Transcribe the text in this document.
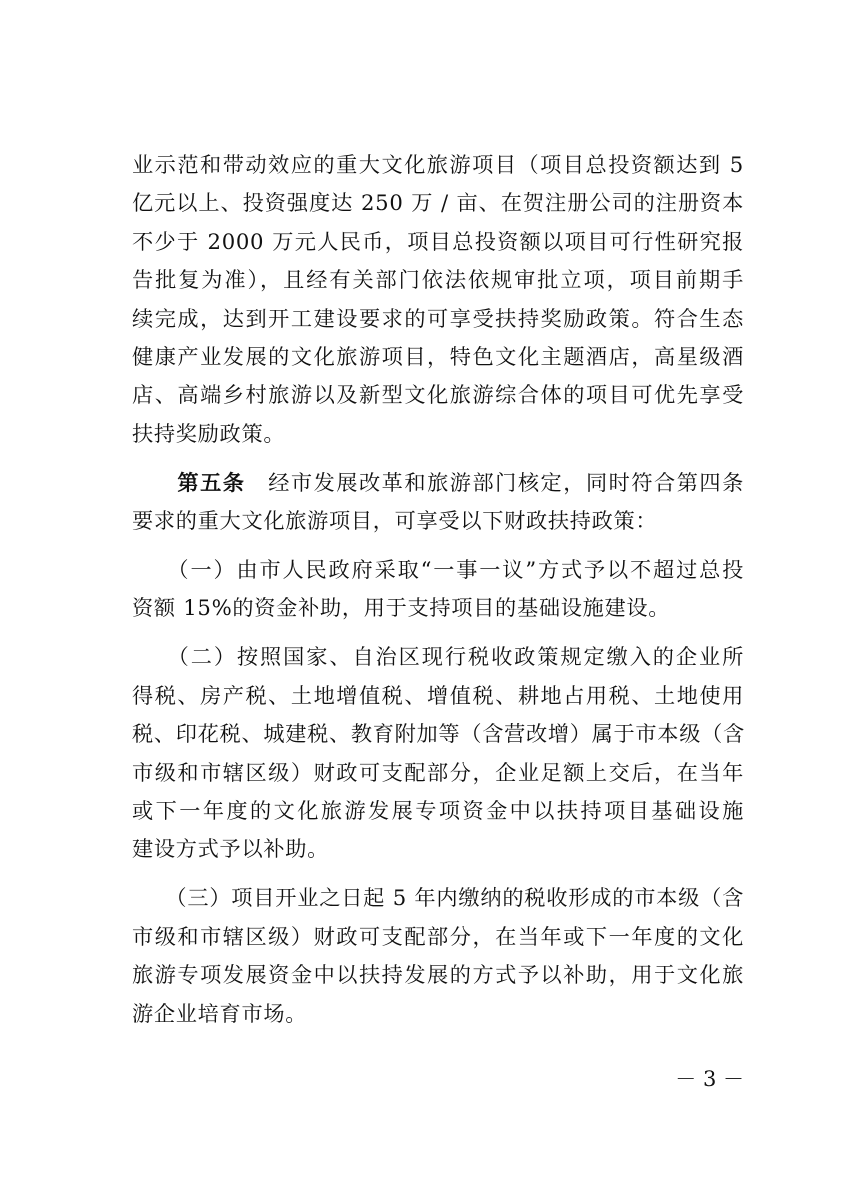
业示范和带动效应的重大文化旅游项目（项目总投资额达到 5
亿元以上、投资强度达 250 万 / 亩、在贺注册公司的注册资本
不少于 2000 万元人民币，项目总投资额以项目可行性研究报
告批复为准），且经有关部门依法依规审批立项，项目前期手
续完成，达到开工建设要求的可享受扶持奖励政策。符合生态
健康产业发展的文化旅游项目，特色文化主题酒店，高星级酒
店、高端乡村旅游以及新型文化旅游综合体的项目可优先享受
扶持奖励政策。
　　第五条　 经市发展改革和旅游部门核定，同时符合第四条
要求的重大文化旅游项目，可享受以下财政扶持政策：
　　（一）由市人民政府采取“一事一议”方式予以不超过总投
资额 15%的资金补助，用于支持项目的基础设施建设。
　　（二）按照国家、自治区现行税收政策规定缴入的企业所
得税、房产税、土地增值税、增值税、耕地占用税、土地使用
税、印花税、城建税、教育附加等（含营改增）属于市本级（含
市级和市辖区级）财政可支配部分，企业足额上交后，在当年
或下一年度的文化旅游发展专项资金中以扶持项目基础设施
建设方式予以补助。
　　（三）项目开业之日起 5 年内缴纳的税收形成的市本级（含
市级和市辖区级）财政可支配部分，在当年或下一年度的文化
旅游专项发展资金中以扶持发展的方式予以补助，用于文化旅
游企业培育市场。
－ 3 －
